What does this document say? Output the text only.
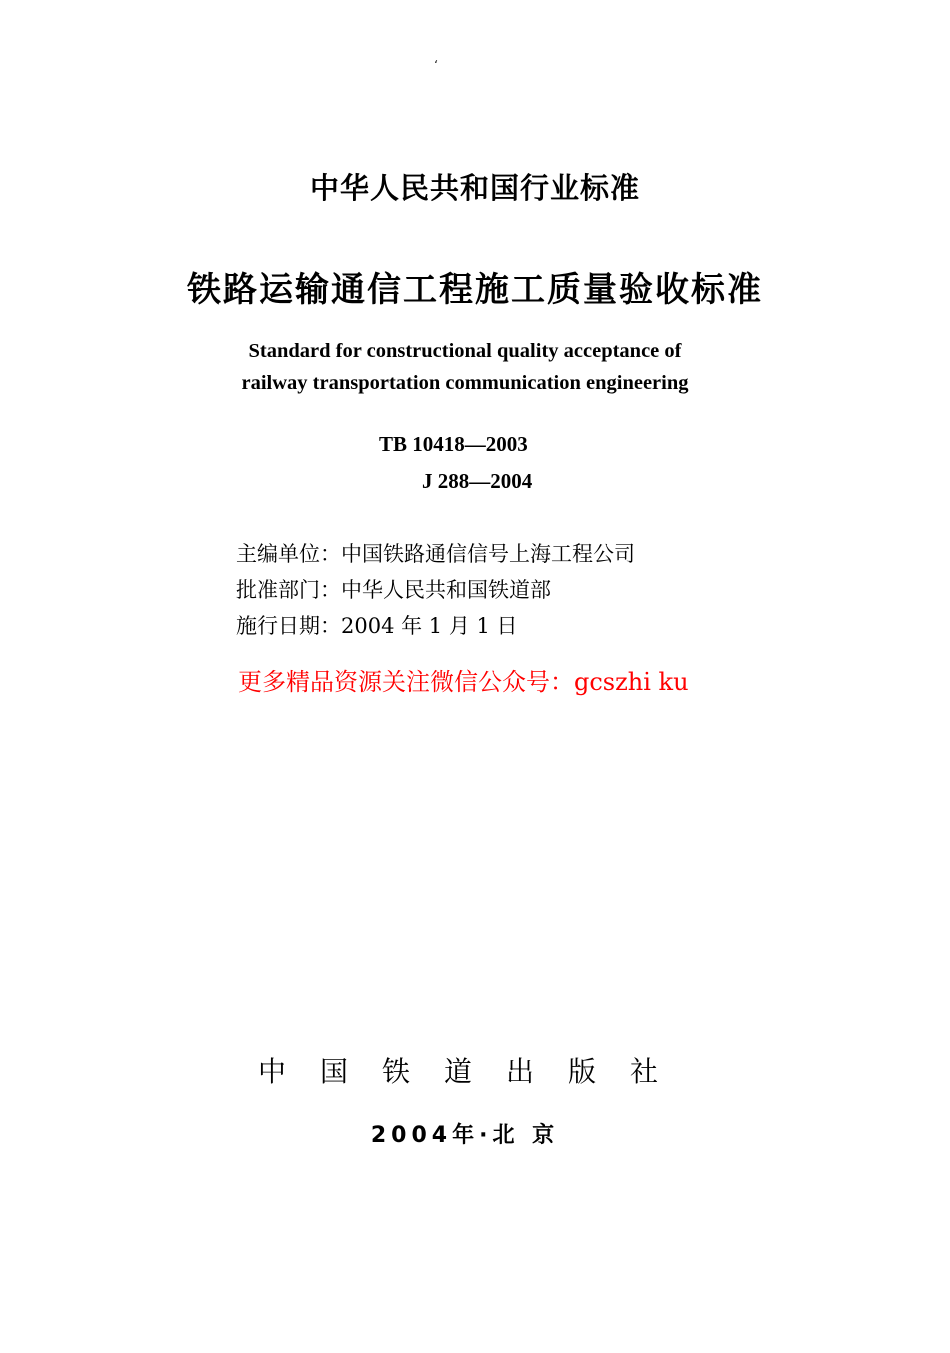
‘
中华人民共和国行业标准
铁路运输通信工程施工质量验收标准
Standard for constructional quality acceptance of
railway transportation communication engineering
TB 10418—2003
J 288—2004
主编单位：中国铁路通信信号上海工程公司
批准部门：中华人民共和国铁道部
施行日期：2004 年 1 月 1 日
更多精品资源关注微信公众号：gcszhi ku
中国铁道出版社
2004年·北 京
